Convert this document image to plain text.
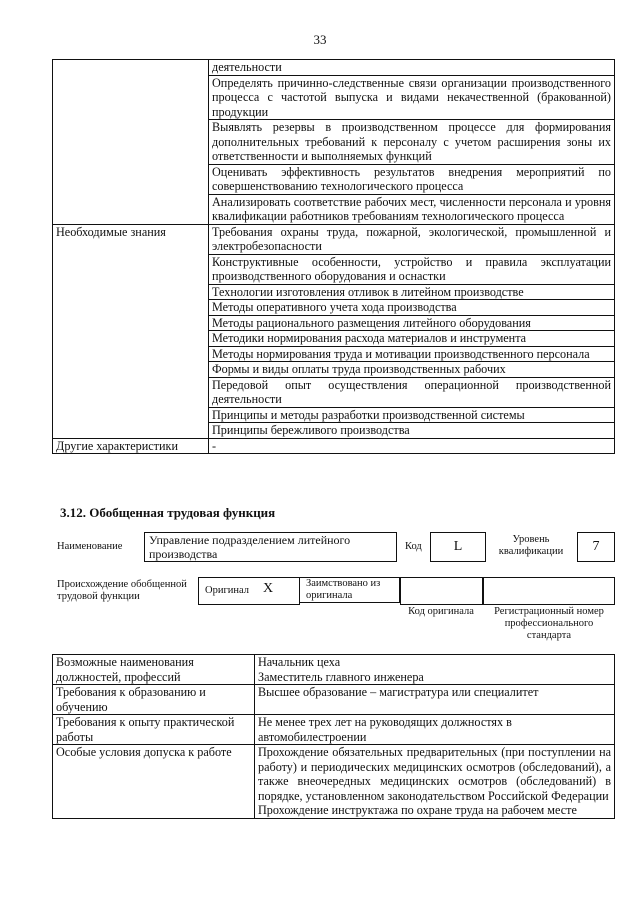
33
	деятельности
	Определять причинно-следственные связи организации производственного процесса с частотой выпуска и видами некачественной (бракованной) продукции
	Выявлять резервы в производственном процессе для формирования дополнительных требований к персоналу с учетом расширения зоны их ответственности и выполняемых функций
	Оценивать эффективность результатов внедрения мероприятий по совершенствованию технологического процесса
	Анализировать соответствие рабочих мест, численности персонала и уровня квалификации работников требованиям технологического процесса
Необходимые знания	Требования охраны труда, пожарной, экологической, промышленной и электробезопасности
	Конструктивные особенности, устройство и правила эксплуатации производственного оборудования и оснастки
	Технологии изготовления отливок в литейном производстве
	Методы оперативного учета хода производства
	Методы рационального размещения литейного оборудования
	Методики нормирования расхода материалов и инструмента
	Методы нормирования труда и мотивации производственного персонала
	Формы и виды оплаты труда производственных рабочих
	Передовой опыт осуществления операционной производственной деятельности
	Принципы и методы разработки производственной системы
	Принципы бережливого производства
Другие характеристики	-
3.12. Обобщенная трудовая функция
Наименование	Управление подразделением литейного производства
Код	L	Уровень квалификации	7
Происхождение обобщенной трудовой функции
Оригинал X	Заимствовано из оригинала
Код оригинала	Регистрационный номер профессионального стандарта
Возможные наименования должностей, профессий	Начальник цеха
Заместитель главного инженера

Требования к образованию и обучению	Высшее образование – магистратура или специалитет
Требования к опыту практической работы	Не менее трех лет на руководящих должностях в автомобилестроении
Особые условия допуска к работе	Прохождение обязательных предварительных (при поступлении на работу) и периодических медицинских осмотров (обследований), а также внеочередных медицинских осмотров (обследований) в порядке, установленном законодательством Российской Федерации
Прохождение инструктажа по охране труда на рабочем месте
